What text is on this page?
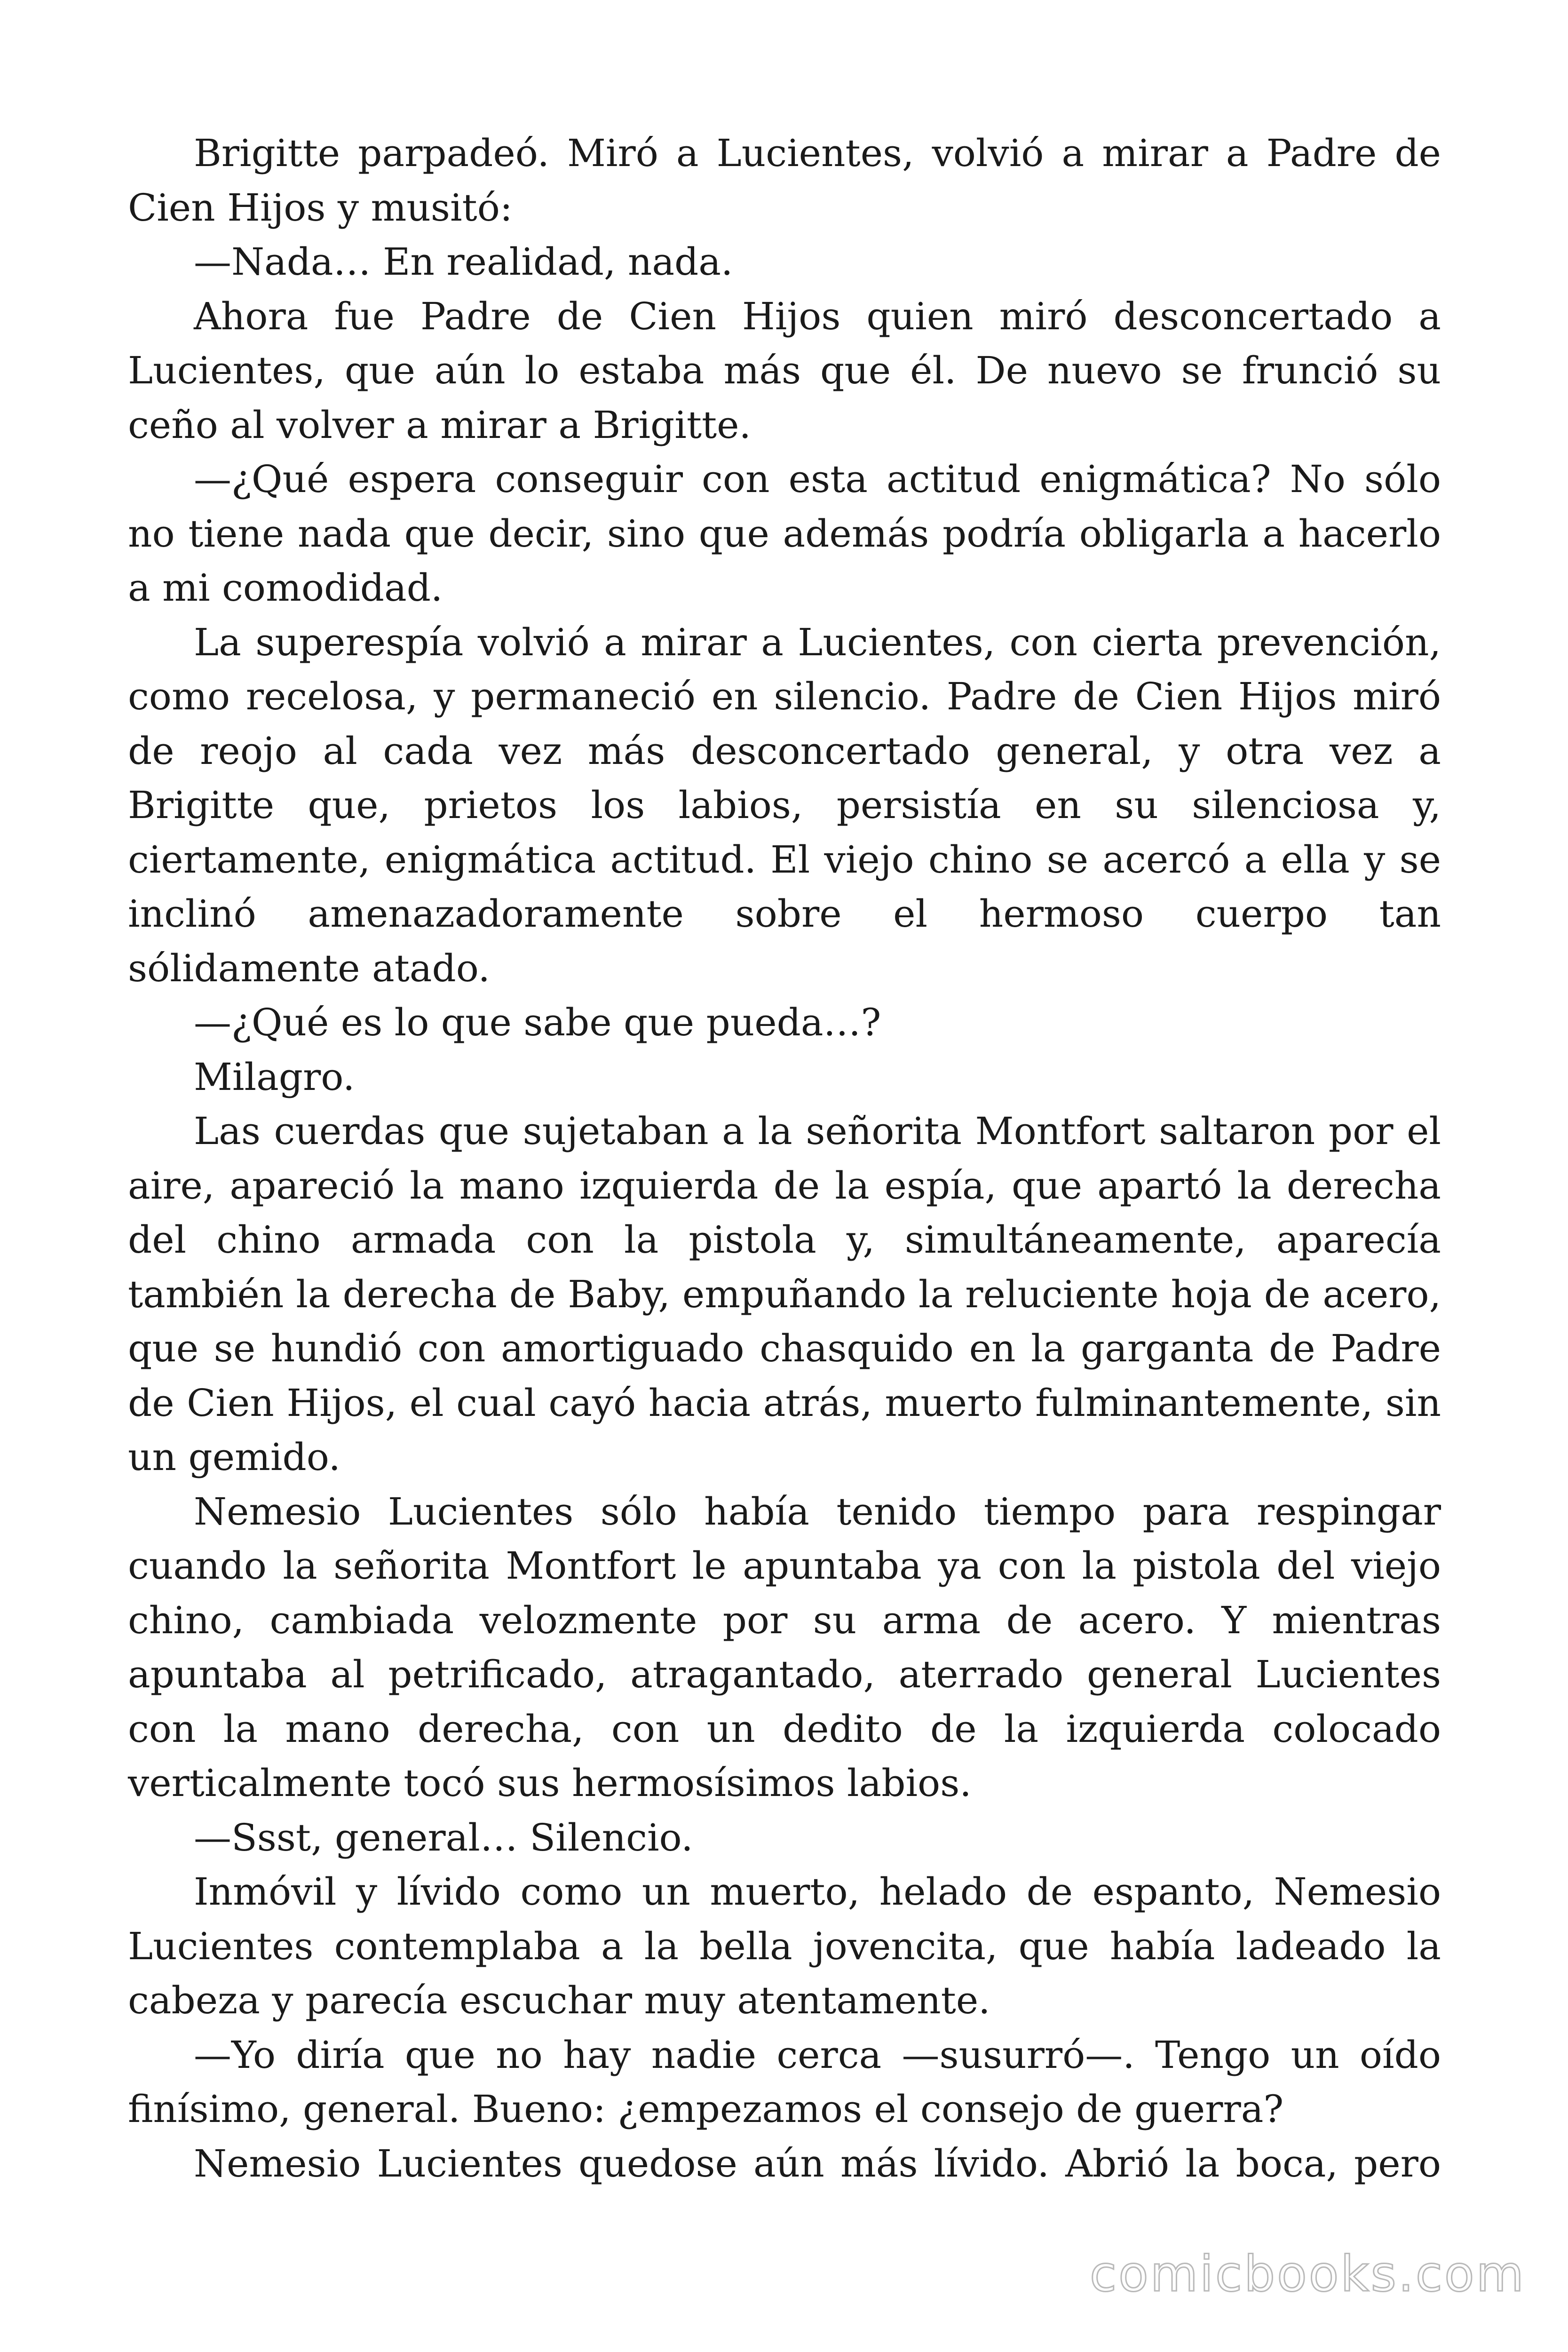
Brigitte parpadeó. Miró a Lucientes, volvió a mirar a Padre de Cien Hijos y musitó:

—Nada… En realidad, nada.

Ahora fue Padre de Cien Hijos quien miró desconcertado a Lucientes, que aún lo estaba más que él. De nuevo se frunció su ceño al volver a mirar a Brigitte.

—¿Qué espera conseguir con esta actitud enigmática? No sólo no tiene nada que decir, sino que además podría obligarla a hacerlo a mi comodidad.

La superespía volvió a mirar a Lucientes, con cierta prevención, como recelosa, y permaneció en silencio. Padre de Cien Hijos miró de reojo al cada vez más desconcertado general, y otra vez a Brigitte que, prietos los labios, persistía en su silenciosa y, ciertamente, enigmática actitud. El viejo chino se acercó a ella y se inclinó amenazadoramente sobre el hermoso cuerpo tan sólidamente atado.

—¿Qué es lo que sabe que pueda…?

Milagro.

Las cuerdas que sujetaban a la señorita Montfort saltaron por el aire, apareció la mano izquierda de la espía, que apartó la derecha del chino armada con la pistola y, simultáneamente, aparecía también la derecha de Baby, empuñando la reluciente hoja de acero, que se hundió con amortiguado chasquido en la garganta de Padre de Cien Hijos, el cual cayó hacia atrás, muerto fulminantemente, sin un gemido.

Nemesio Lucientes sólo había tenido tiempo para respingar cuando la señorita Montfort le apuntaba ya con la pistola del viejo chino, cambiada velozmente por su arma de acero. Y mientras apuntaba al petrificado, atragantado, aterrado general Lucientes con la mano derecha, con un dedito de la izquierda colocado verticalmente tocó sus hermosísimos labios.

—Ssst, general… Silencio.

Inmóvil y lívido como un muerto, helado de espanto, Nemesio Lucientes contemplaba a la bella jovencita, que había ladeado la cabeza y parecía escuchar muy atentamente.

—Yo diría que no hay nadie cerca —susurró—. Tengo un oído finísimo, general. Bueno: ¿empezamos el consejo de guerra?

Nemesio Lucientes quedose aún más lívido. Abrió la boca, pero

comicbooks.com
